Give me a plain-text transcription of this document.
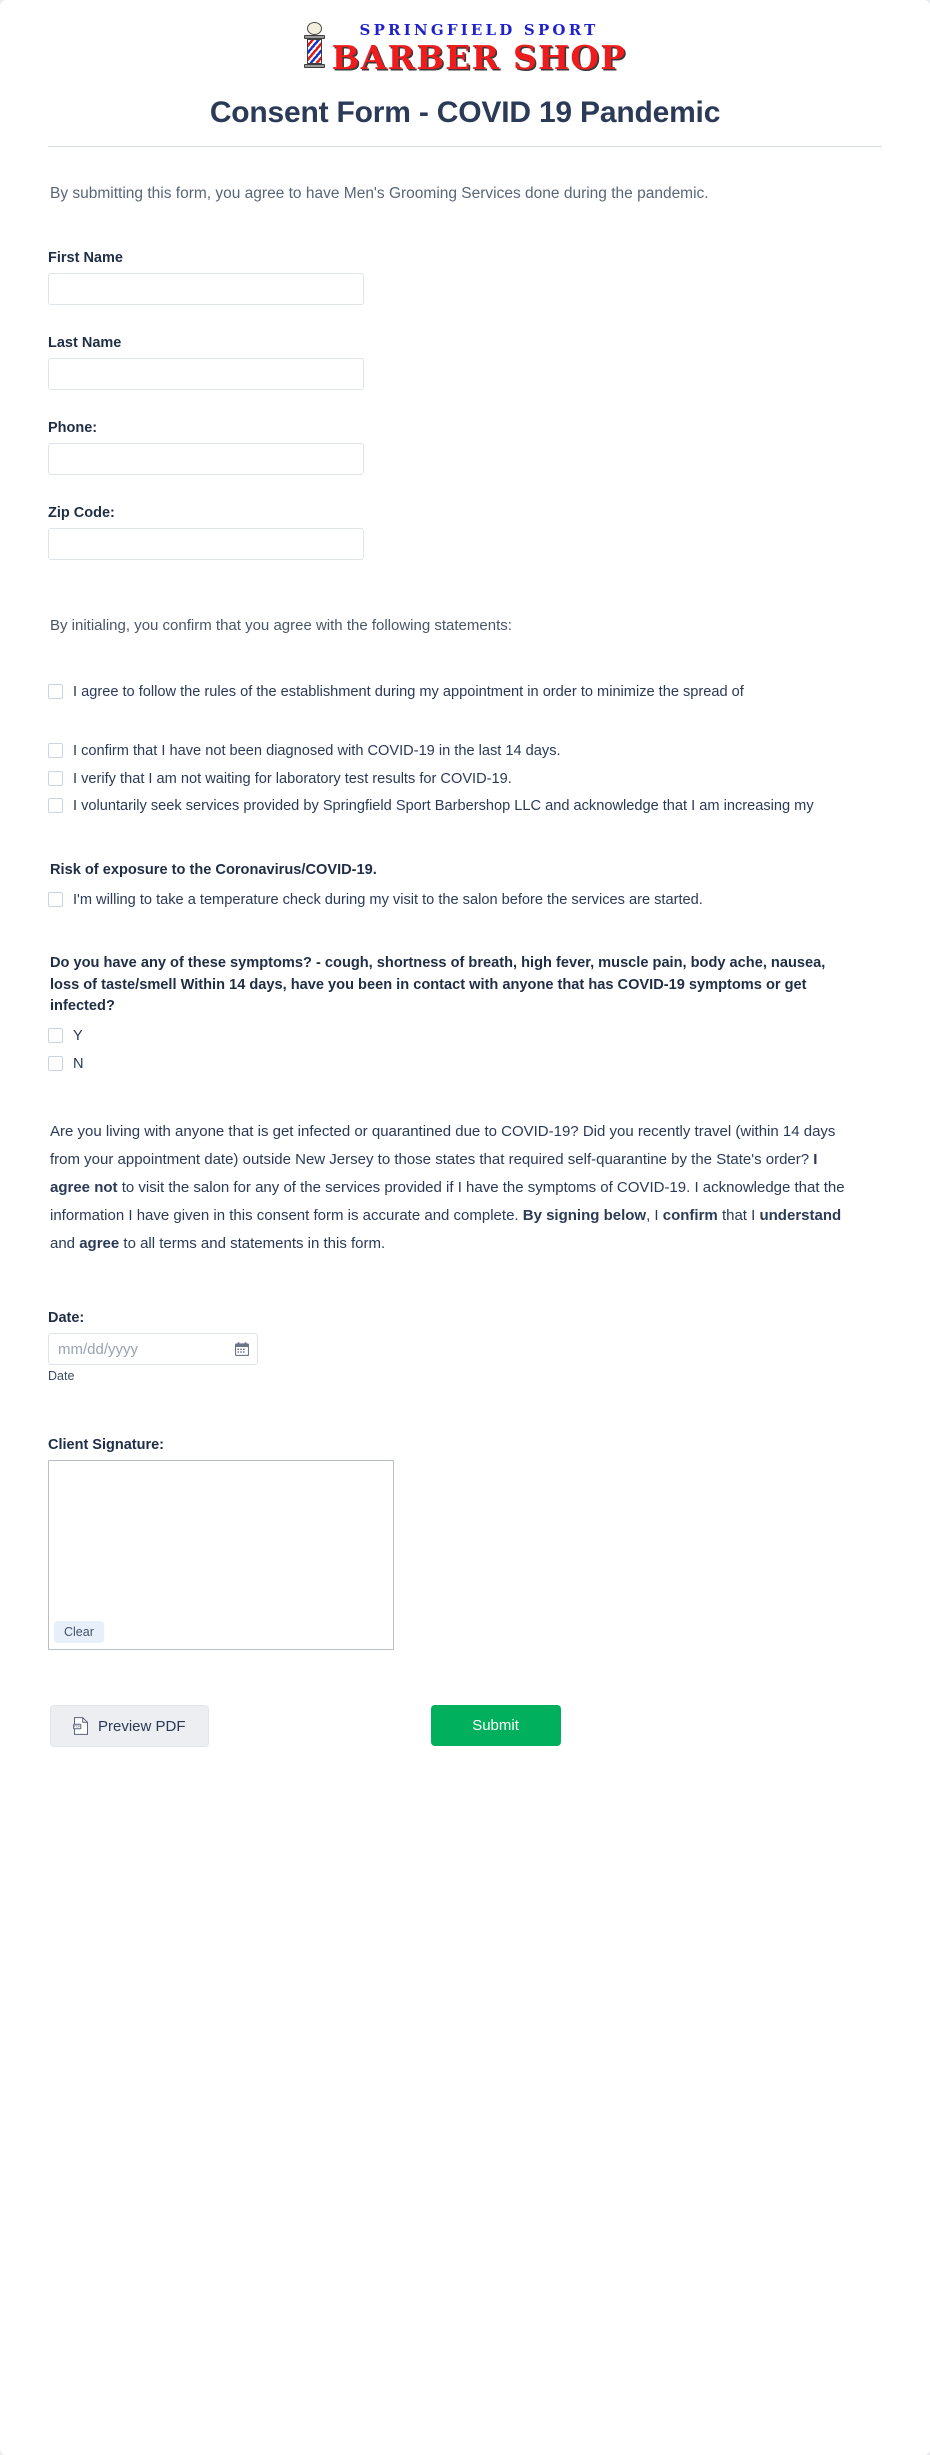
SPRINGFIELD SPORT
BARBER SHOP
Consent Form - COVID 19 Pandemic

By submitting this form, you agree to have Men's Grooming Services done during the pandemic.

First Name
Last Name
Phone:
Zip Code:

By initialing, you confirm that you agree with the following statements:

I agree to follow the rules of the establishment during my appointment in order to minimize the spread of
I confirm that I have not been diagnosed with COVID-19 in the last 14 days.
I verify that I am not waiting for laboratory test results for COVID-19.
I voluntarily seek services provided by Springfield Sport Barbershop LLC and acknowledge that I am increasing my
Risk of exposure to the Coronavirus/COVID-19.
I'm willing to take a temperature check during my visit to the salon before the services are started.
Do you have any of these symptoms? - cough, shortness of breath, high fever, muscle pain, body ache, nausea, loss of taste/smell Within 14 days, have you been in contact with anyone that has COVID-19 symptoms or get infected?
Y
N

Are you living with anyone that is get infected or quarantined due to COVID-19? Did you recently travel (within 14 days from your appointment date) outside New Jersey to those states that required self-quarantine by the State's order? I agree not to visit the salon for any of the services provided if I have the symptoms of COVID-19. I acknowledge that the information I have given in this consent form is accurate and complete. By signing below, I confirm that I understand and agree to all terms and statements in this form.

Date:
mm/dd/yyyy
Date
Client Signature:
Clear
PDF Preview PDF	Submit
